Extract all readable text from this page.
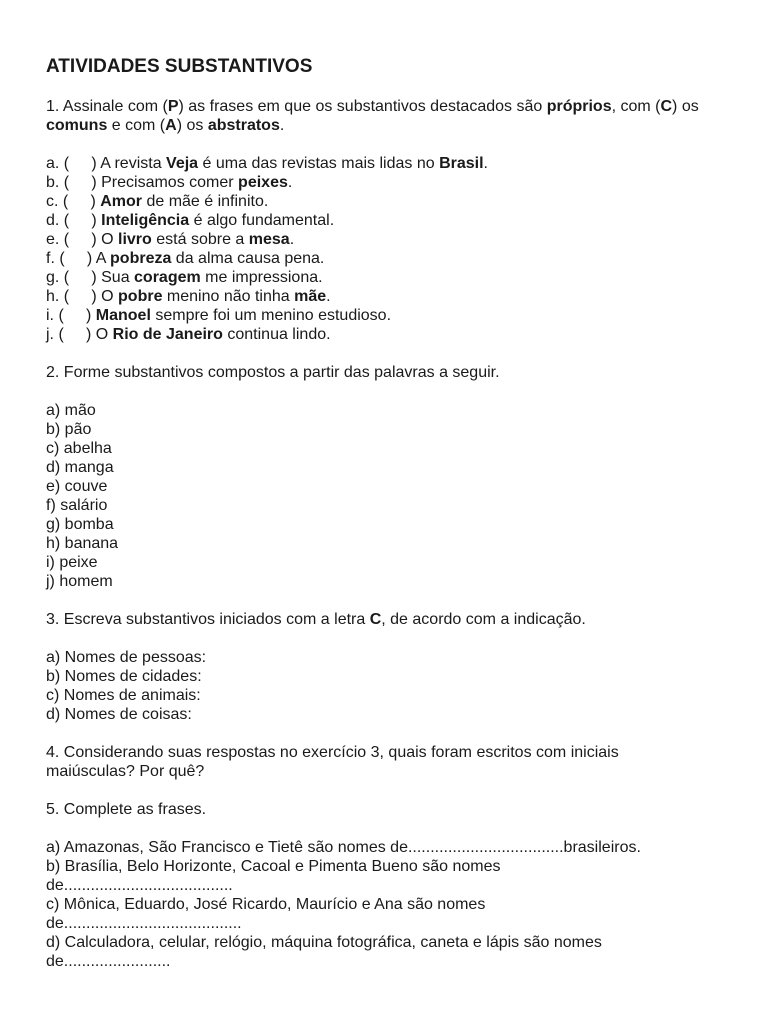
ATIVIDADES SUBSTANTIVOS

1. Assinale com (P) as frases em que os substantivos destacados são próprios, com (C) os comuns e com (A) os abstratos.

a. (     ) A revista Veja é uma das revistas mais lidas no Brasil.
b. (     ) Precisamos comer peixes.
c. (     ) Amor de mãe é infinito.
d. (     ) Inteligência é algo fundamental.
e. (     ) O livro está sobre a mesa.
f. (     ) A pobreza da alma causa pena.
g. (     ) Sua coragem me impressiona.
h. (     ) O pobre menino não tinha mãe.
i. (     ) Manoel sempre foi um menino estudioso.
j. (     ) O Rio de Janeiro continua lindo.

2. Forme substantivos compostos a partir das palavras a seguir.

a) mão
b) pão
c) abelha
d) manga
e) couve
f) salário
g) bomba
h) banana
i) peixe
j) homem

3. Escreva substantivos iniciados com a letra C, de acordo com a indicação.

a) Nomes de pessoas:
b) Nomes de cidades:
c) Nomes de animais:
d) Nomes de coisas:
4. Considerando suas respostas no exercício 3, quais foram escritos com iniciais
maiúsculas? Por quê?

5. Complete as frases.

a) Amazonas, São Francisco e Tietê são nomes de...................................brasileiros.
b) Brasília, Belo Horizonte, Cacoal e Pimenta Bueno são nomes
de......................................
c) Mônica, Eduardo, José Ricardo, Maurício e Ana são nomes
de........................................
d) Calculadora, celular, relógio, máquina fotográfica, caneta e lápis são nomes
de........................
